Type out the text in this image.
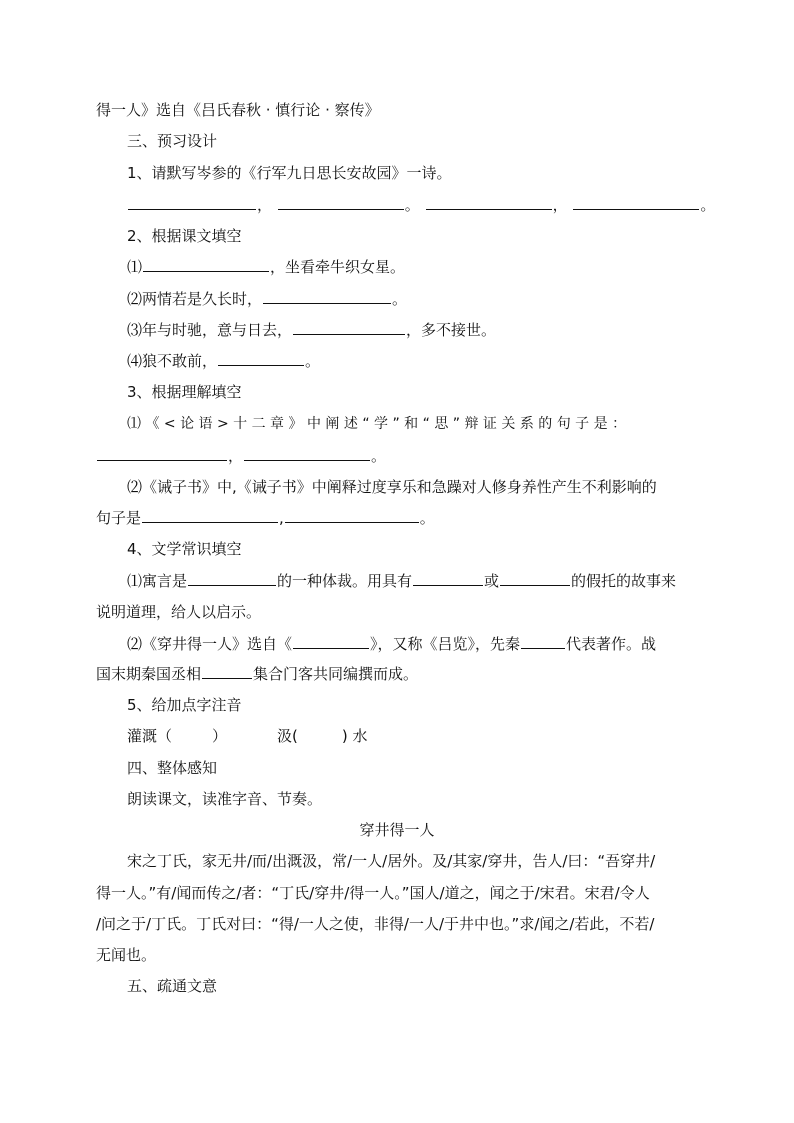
得一人》选自《吕氏春秋 · 慎行论 · 察传》
三、预习设计
1、请默写岑参的《行军九日思长安故园》一诗。
，	。	，	。
2、根据课文填空
⑴	，坐看牵牛织女星。
⑵两情若是久长时，	。
⑶年与时驰，意与日去，	，多不接世。
⑷狼不敢前，	。
3、根据理解填空
⑴ 《 < 论 语 > 十 二 章 》 中 阐 述 “ 学 ” 和 “ 思 ” 辩 证 关 系 的 句 子 是 ：
，	。
⑵《诫子书》中,《诫子书》中阐释过度享乐和急躁对人修身养性产生不利影响的
句子是	,	。
4、文学常识填空
⑴寓言是	的一种体裁。用具有	或	的假托的故事来
说明道理，给人以启示。
⑵《穿井得一人》选自《	》，又称《吕览》，先秦	代表著作。战
国末期秦国丞相	集合门客共同编撰而成。
5、给加点字注音
灌溉（	）	汲(	) 水
四、整体感知
朗读课文，读准字音、节奏。
穿井得一人
宋之丁氏，家无井/而/出溉汲，常/一人/居外。及/其家/穿井，告人/曰：“吾穿井/
得一人。”有/闻而传之/者：“丁氏/穿井/得一人。”国人/道之，闻之于/宋君。宋君/令人
/问之于/丁氏。丁氏对曰：“得/一人之使，非得/一人/于井中也。”求/闻之/若此，不若/
无闻也。
五、疏通文意
